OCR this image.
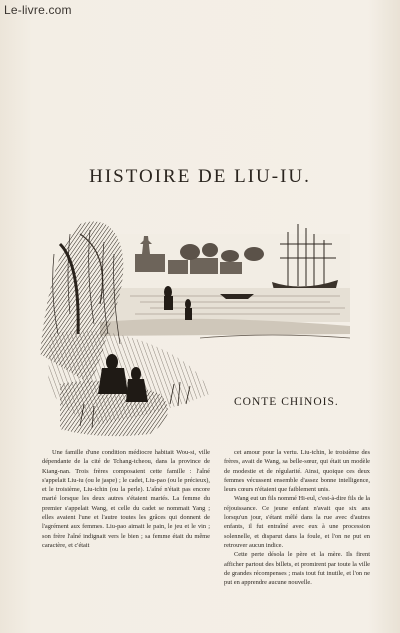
Le-livre.com
HISTOIRE DE LIU-IU.
CONTE CHINOIS.
Une famille d'une condition médiocre habitait Wou-si, ville dépendante de la cité de Tchang-tcheou, dans la province de Kiang-nan. Trois frères composaient cette famille : l'aîné s'appelait Liu-iu (ou le jaspe) ; le cadet, Liu-pao (ou le précieux), et le troisième, Liu-tchin (ou la perle). L'aîné n'était pas encore marié lorsque les deux autres s'étaient mariés. La femme du premier s'appelait Wang, et celle du cadet se nommait Yang ; elles avaient l'une et l'autre toutes les grâces qui donnent de l'agrément aux femmes. Liu-pao aimait le pain, le jeu et le vin ; son frère l'aîné indignait vers le bien ; sa femme était du même caractère, et c'était
cet amour pour la vertu. Liu-tchin, le troisième des frères, avait de Wang, sa belle-sœur, qui était un modèle de modestie et de régularité. Ainsi, quoique ces deux femmes vécussent ensemble d'assez bonne intelligence, leurs cœurs n'étaient que faiblement unis.
Wang eut un fils nommé Hi-eul, c'est-à-dire fils de la réjouissance. Ce jeune enfant n'avait que six ans lorsqu'un jour, s'étant mêlé dans la rue avec d'autres enfants, il fut entraîné avec eux à une procession solennelle, et disparut dans la foule, et l'on ne put en retrouver aucun indice.
Cette perte désola le père et la mère. Ils firent afficher partout des billets, et promirent par toute la ville de grandes récompenses ; mais tout fut inutile, et l'on ne put en apprendre aucune nouvelle.
